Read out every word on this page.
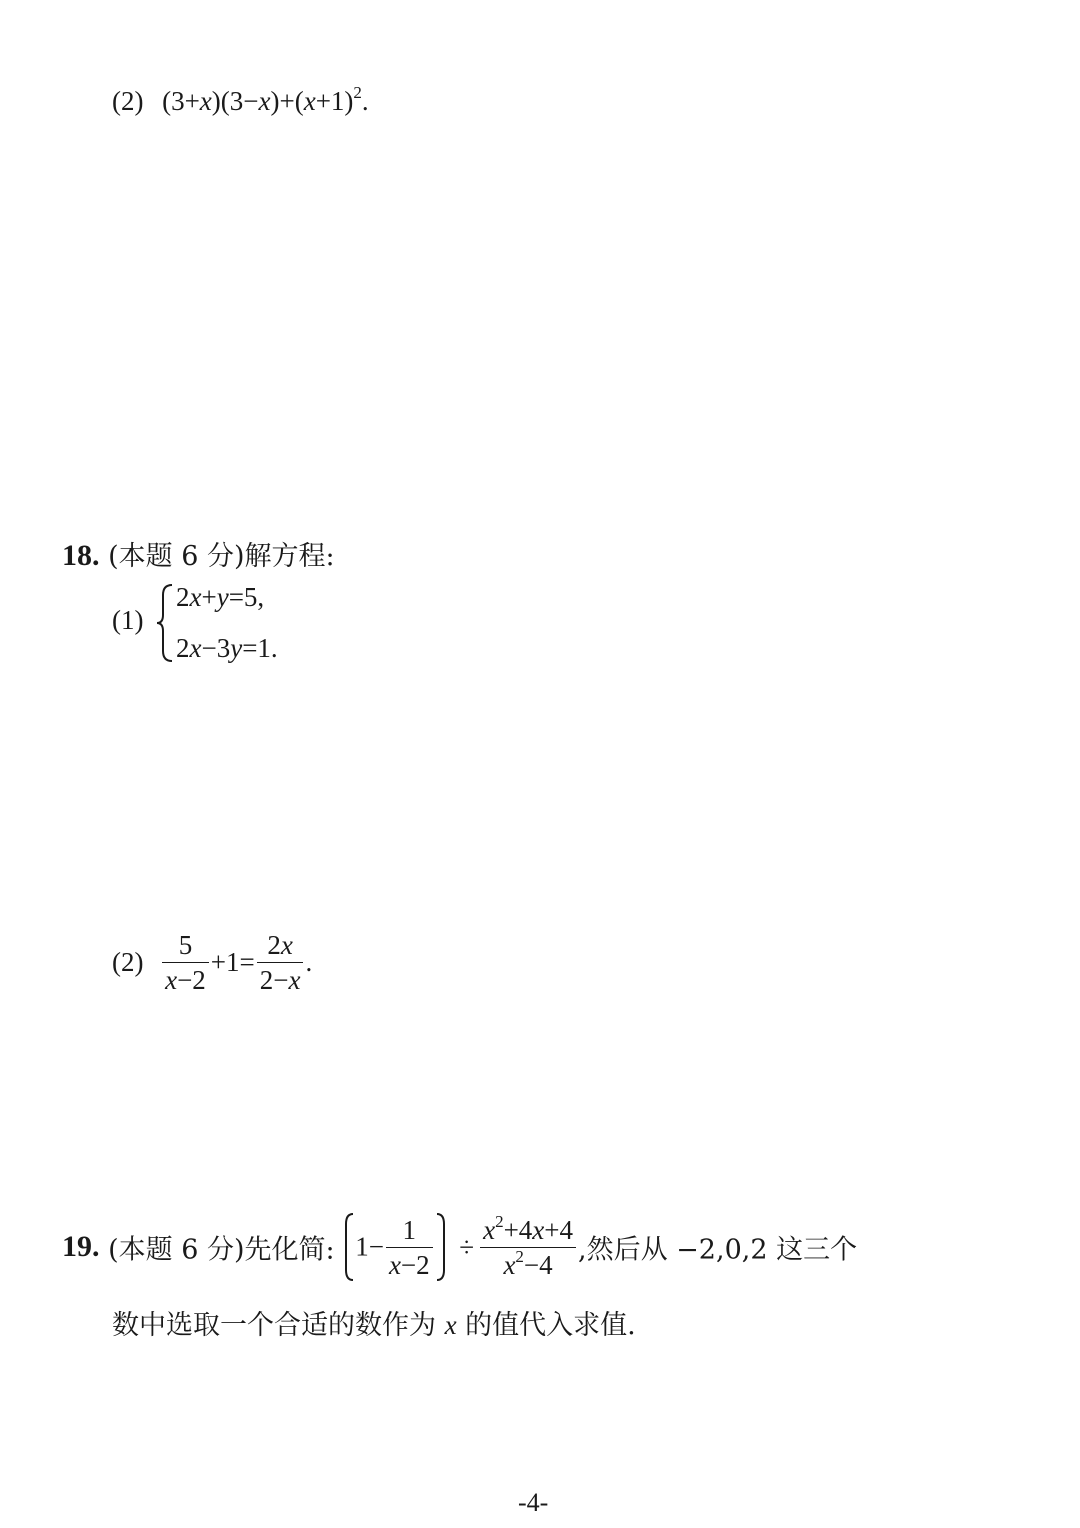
(2) $(3+x)(3-x)+(x+1)^2$.
18. (本题 6 分)解方程:
(1)
2x+y=5,
2x−3y=1.
$(2) \frac{5}{x-2} +1= \frac{2x}{2-x}$ .
19. (本题 6 分)先化简: $1- \frac{1}{x-2} \div \frac{x^2+4x+4}{x^2-4}$ ,然后从 −2,0,2 这三个
数中选取一个合适的数作为 x 的值代入求值.
-4-
